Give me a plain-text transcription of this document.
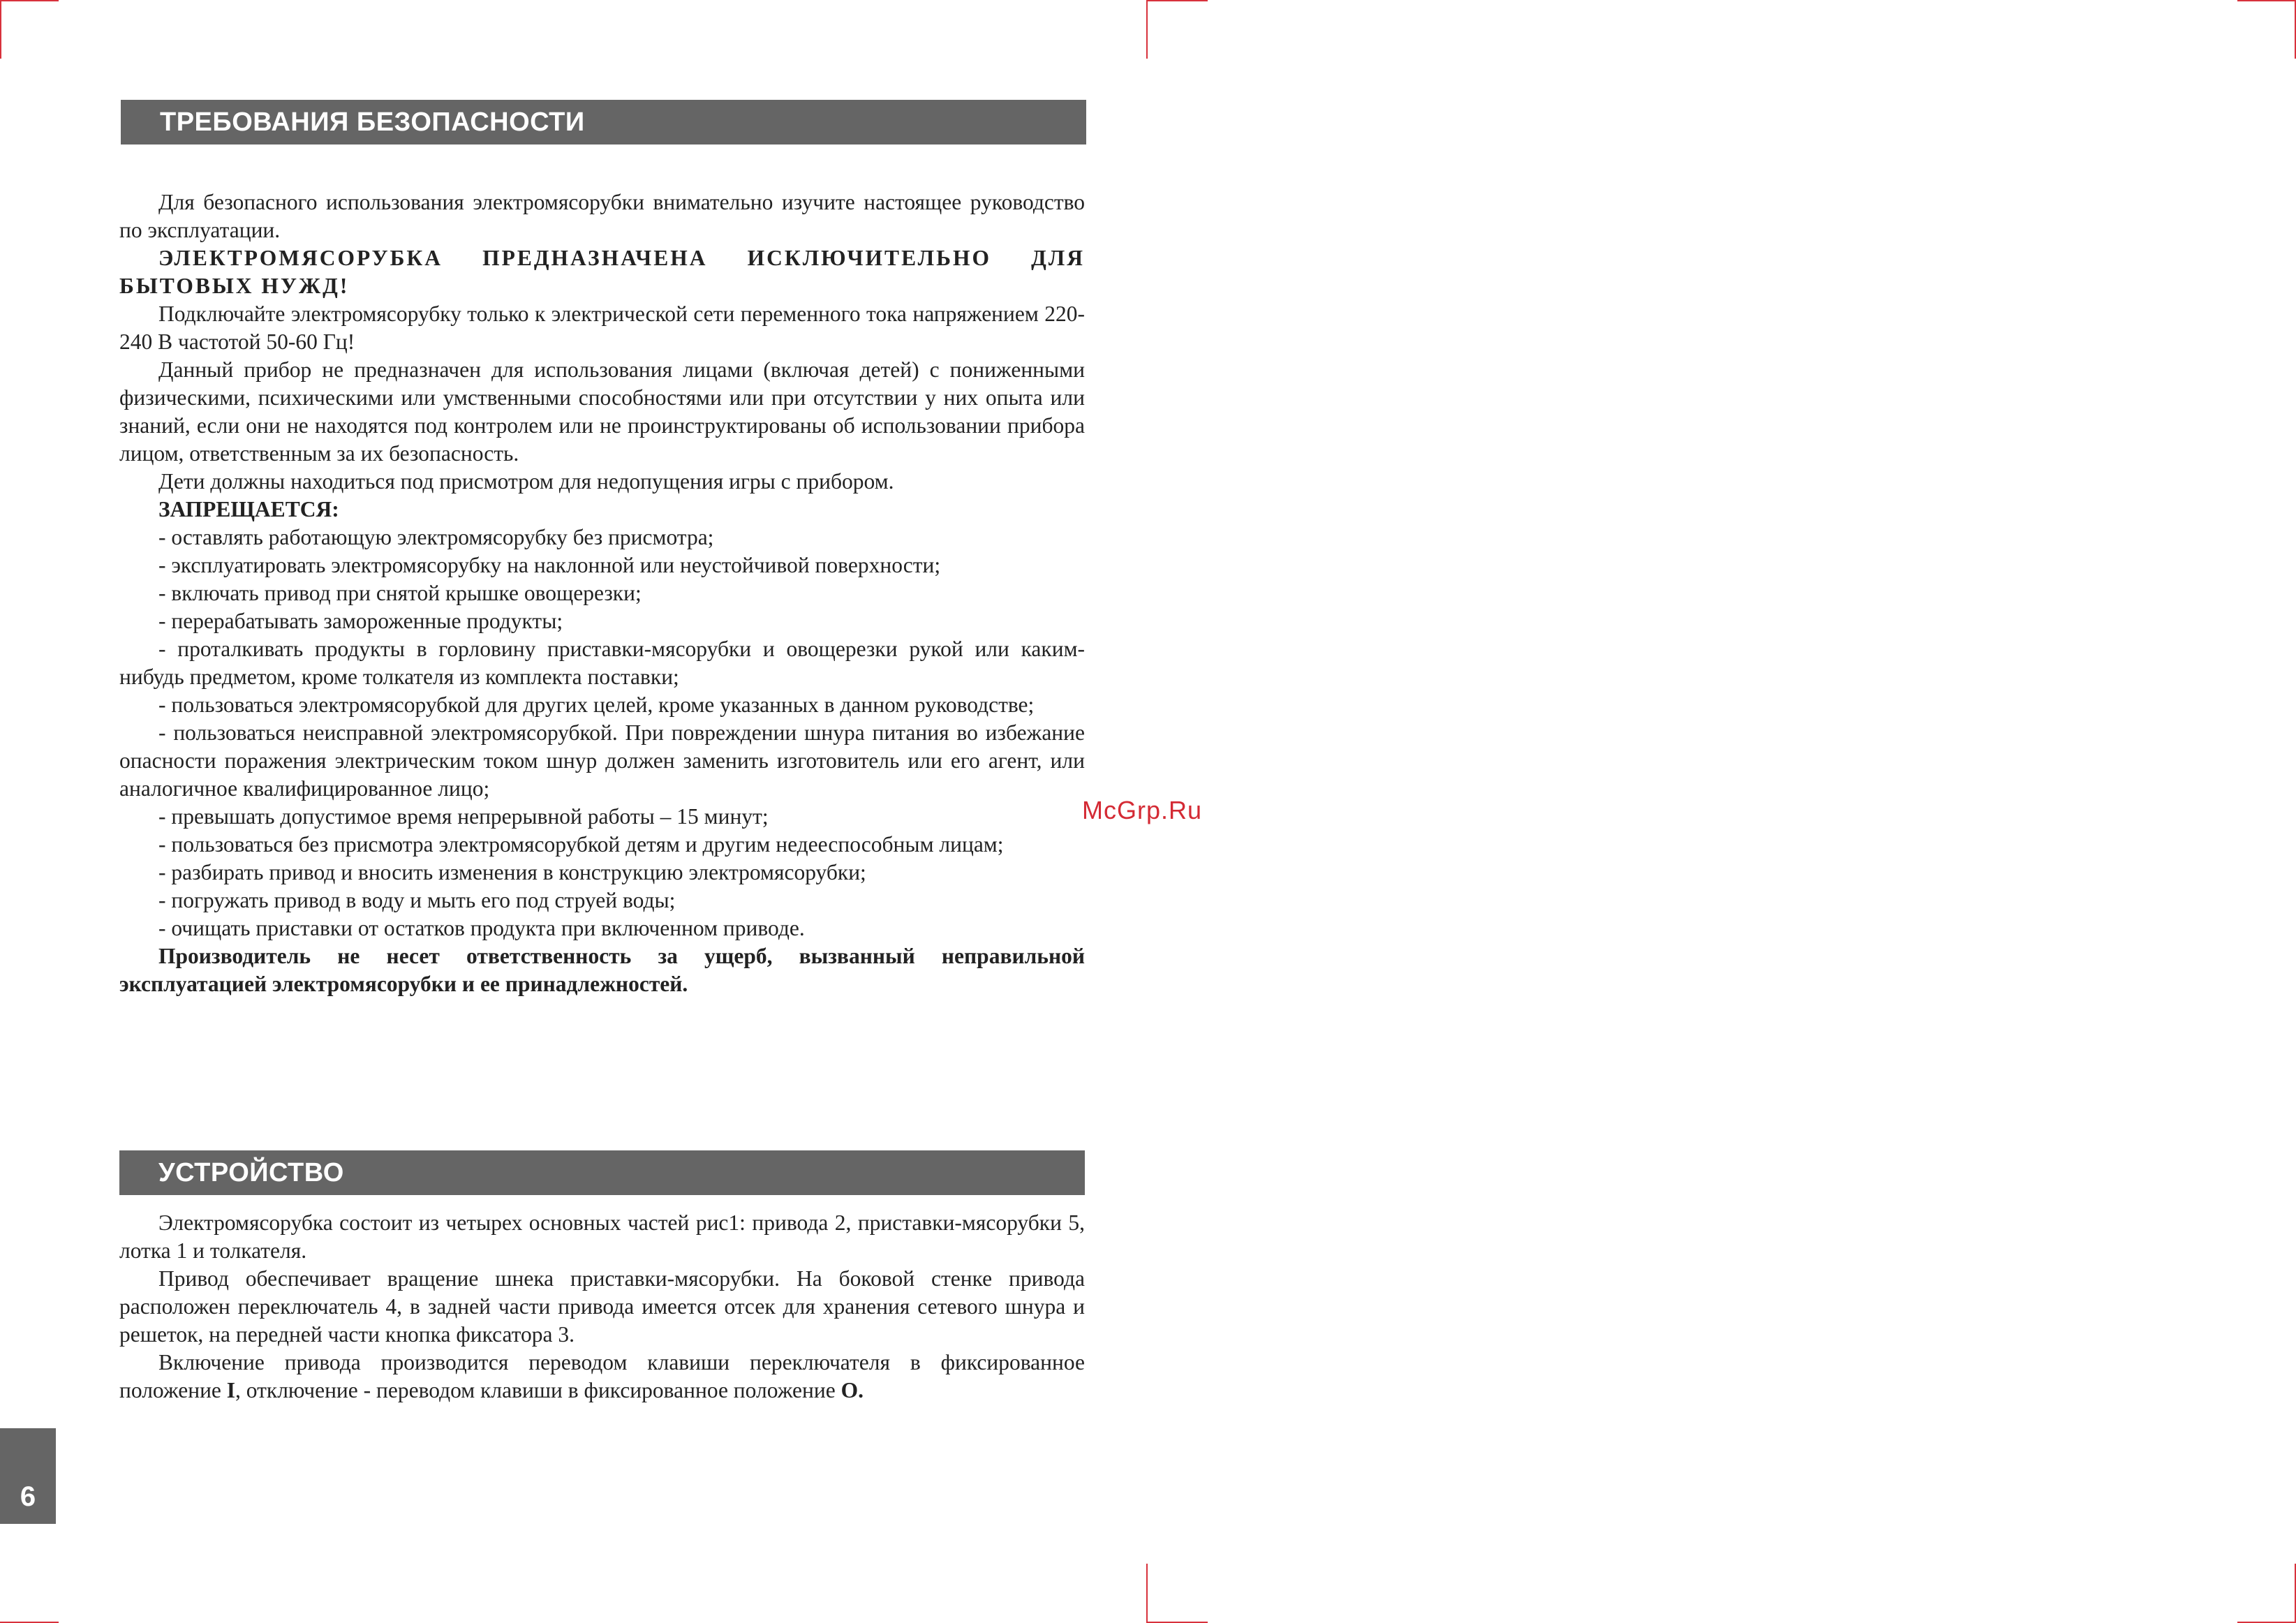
ТРЕБОВАНИЯ БЕЗОПАСНОСТИ

Для безопасного использования электромясорубки внимательно изучите настоящее руководство по эксплуатации.

ЭЛЕКТРОМЯСОРУБКА ПРЕДНАЗНАЧЕНА ИСКЛЮЧИТЕЛЬНО ДЛЯ БЫТОВЫХ НУЖД!

Подключайте электромясорубку только к электрической сети переменного тока напряжением 220-240 В частотой 50-60 Гц!

Данный прибор не предназначен для использования лицами (включая детей) с пониженными физическими, психическими или умственными способностями или при отсутствии у них опыта или знаний, если они не находятся под контролем или не проинструктированы об использовании прибора лицом, ответственным за их безопасность.

Дети должны находиться под присмотром для недопущения игры с прибором.

ЗАПРЕЩАЕТСЯ:

- оставлять работающую электромясорубку без присмотра;

- эксплуатировать электромясорубку на наклонной или неустойчивой поверхности;

- включать привод при снятой крышке овощерезки;

- перерабатывать замороженные продукты;

- проталкивать продукты в горловину приставки-мясорубки и овощерезки рукой или каким-нибудь предметом, кроме толкателя из комплекта поставки;

- пользоваться электромясорубкой для других целей, кроме указанных в данном руководстве;

- пользоваться неисправной электромясорубкой. При повреждении шнура питания во избежание опасности поражения электрическим током шнур должен заменить изготовитель или его агент, или аналогичное квалифицированное лицо;

- превышать допустимое время непрерывной работы – 15 минут;

- пользоваться без присмотра электромясорубкой детям и другим недееспособным лицам;

- разбирать привод и вносить изменения в конструкцию электромясорубки;

- погружать привод в воду и мыть его под струей воды;

- очищать приставки от остатков продукта при включенном приводе.

Производитель не несет ответственность за ущерб, вызванный неправильной эксплуатацией электромясорубки и ее принадлежностей.

УСТРОЙСТВО

Электромясорубка состоит из четырех основных частей рис1: привода 2, приставки-мясорубки 5, лотка 1 и толкателя.

Привод обеспечивает вращение шнека приставки-мясорубки. На боковой стенке привода расположен переключатель 4, в задней части привода имеется отсек для хранения сетевого шнура и решеток, на передней части кнопка фиксатора 3.

Включение привода производится переводом клавиши переключателя в фиксированное положение I, отключение - переводом клавиши в фиксированное положение O.

McGrp.Ru
6
